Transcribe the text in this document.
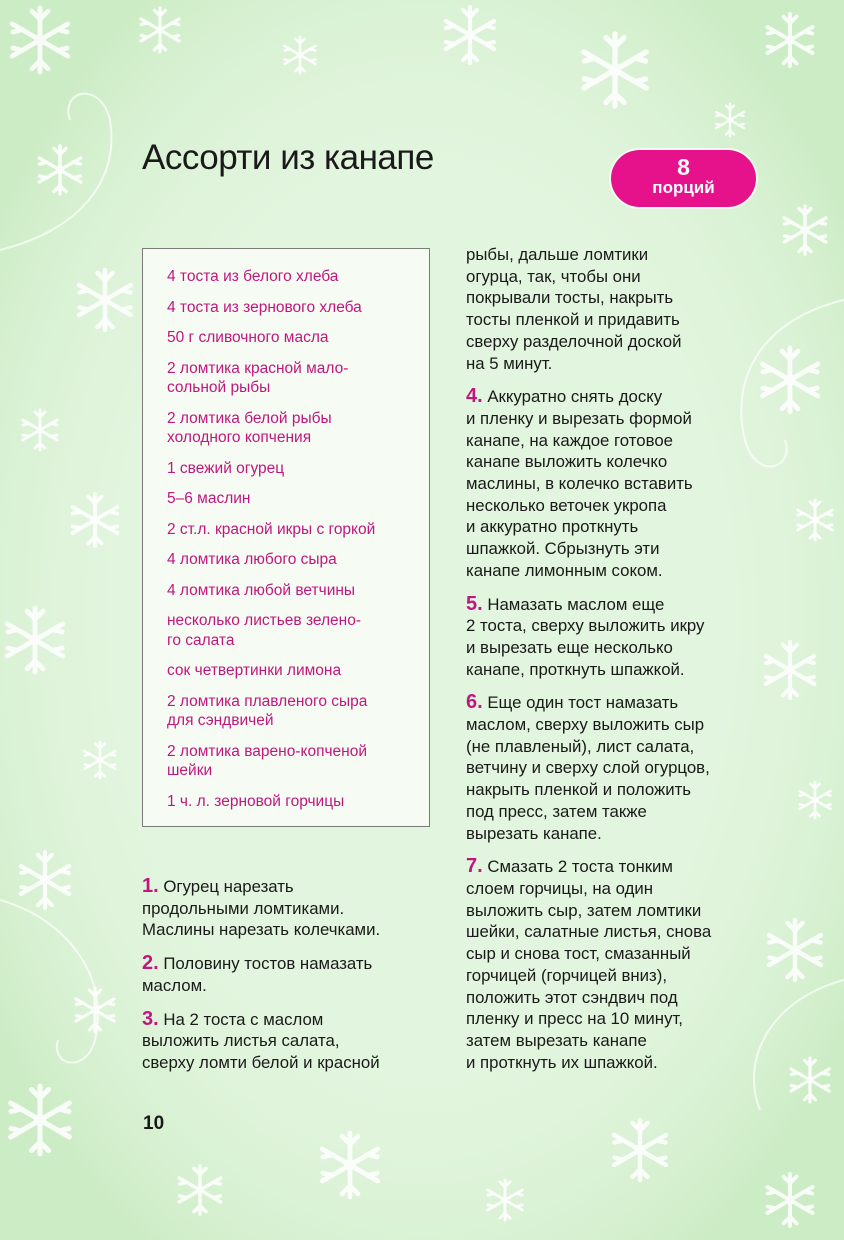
Ассорти из канапе	8
порций
4 тоста из белого хлеба
4 тоста из зернового хлеба
50 г сливочного масла
2 ломтика красной мало-
сольной рыбы
2 ломтика белой рыбы
холодного копчения
1 свежий огурец
5–6 маслин
2 ст.л. красной икры с горкой
4 ломтика любого сыра
4 ломтика любой ветчины
несколько листьев зелено-
го салата
сок четвертинки лимона
2 ломтика плавленого сыра
для сэндвичей
2 ломтика варено-копченой
шейки
1 ч. л. зерновой горчицы

1. Огурец нарезать
продольными ломтиками.
Маслины нарезать колечками.

2. Половину тостов намазать
маслом.

3. На 2 тоста с маслом
выложить листья салата,
сверху ломти белой и красной

рыбы, дальше ломтики
огурца, так, чтобы они
покрывали тосты, накрыть
тосты пленкой и придавить
сверху разделочной доской
на 5 минут.

4. Аккуратно снять доску
и пленку и вырезать формой
канапе, на каждое готовое
канапе выложить колечко
маслины, в колечко вставить
несколько веточек укропа
и аккуратно проткнуть
шпажкой. Сбрызнуть эти
канапе лимонным соком.

5. Намазать маслом еще
2 тоста, сверху выложить икру
и вырезать еще несколько
канапе, проткнуть шпажкой.

6. Еще один тост намазать
маслом, сверху выложить сыр
(не плавленый), лист салата,
ветчину и сверху слой огурцов,
накрыть пленкой и положить
под пресс, затем также
вырезать канапе.

7. Смазать 2 тоста тонким
слоем горчицы, на один
выложить сыр, затем ломтики
шейки, салатные листья, снова
сыр и снова тост, смазанный
горчицей (горчицей вниз),
положить этот сэндвич под
пленку и пресс на 10 минут,
затем вырезать канапе
и проткнуть их шпажкой.

10
